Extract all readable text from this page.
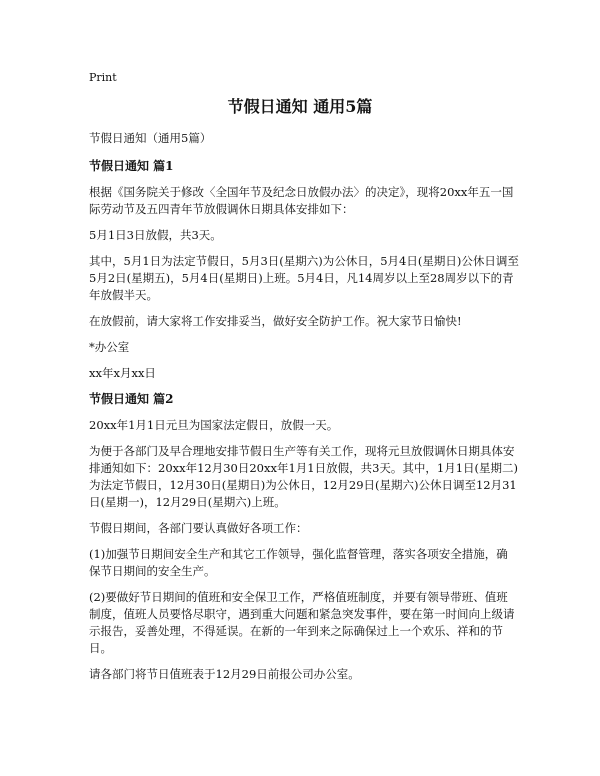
Print
节假日通知 通用5篇

节假日通知（通用5篇）

节假日通知 篇1

根据《国务院关于修改〈全国年节及纪念日放假办法〉的决定》，现将20xx年五一国际劳动节及五四青年节放假调休日期具体安排如下：

5月1日3日放假，共3天。

其中，5月1日为法定节假日，5月3日(星期六)为公休日，5月4日(星期日)公休日调至5月2日(星期五)，5月4日(星期日)上班。5月4日，凡14周岁以上至28周岁以下的青年放假半天。

在放假前，请大家将工作安排妥当，做好安全防护工作。祝大家节日愉快!

*办公室

xx年x月xx日

节假日通知 篇2

20xx年1月1日元旦为国家法定假日，放假一天。

为便于各部门及早合理地安排节假日生产等有关工作，现将元旦放假调休日期具体安排通知如下：20xx年12月30日20xx年1月1日放假，共3天。其中，1月1日(星期二)为法定节假日，12月30日(星期日)为公休日，12月29日(星期六)公休日调至12月31日(星期一)，12月29日(星期六)上班。

节假日期间，各部门要认真做好各项工作：

(1)加强节日期间安全生产和其它工作领导，强化监督管理，落实各项安全措施，确保节日期间的安全生产。

(2)要做好节日期间的值班和安全保卫工作，严格值班制度，并要有领导带班、值班制度，值班人员要恪尽职守，遇到重大问题和紧急突发事件，要在第一时间向上级请示报告，妥善处理，不得延误。在新的一年到来之际确保过上一个欢乐、祥和的节日。

请各部门将节日值班表于12月29日前报公司办公室。
